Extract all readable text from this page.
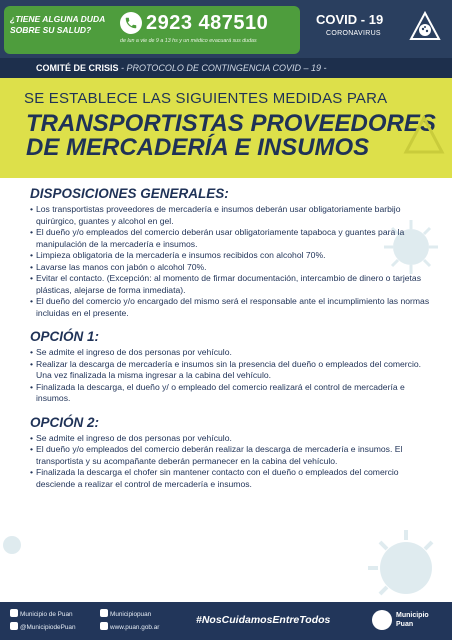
¿TIENE ALGUNA DUDA SOBRE SU SALUD?	2923 487510
de lun a vie de 9 a 13 hs y un médico evacuará sus dudas
COVID - 19
CORONAVIRUS
COMITÉ DE CRISIS - PROTOCOLO DE CONTINGENCIA COVID – 19 -
SE ESTABLECE LAS SIGUIENTES MEDIDAS PARA
TRANSPORTISTAS PROVEEDORES
DE MERCADERÍA E INSUMOS
DISPOSICIONES GENERALES:
• Los transportistas proveedores de mercadería e insumos deberán usar obligatoriamente barbijo quirúrgico, guantes y alcohol en gel.
• El dueño y/o empleados del comercio deberán usar obligatoriamente tapaboca y guantes para la manipulación de la mercadería e insumos.
• Limpieza obligatoria de la mercadería e insumos recibidos con alcohol 70%.
• Lavarse las manos con jabón o alcohol 70%.
• Evitar el contacto. (Excepción: al momento de firmar documentación, intercambio de dinero o tarjetas plásticas, alejarse de forma inmediata).
• El dueño del comercio y/o encargado del mismo será el responsable ante el incumplimiento las normas incluidas en el presente.
OPCIÓN 1:
• Se admite el ingreso de dos personas por vehículo.
• Realizar la descarga de mercadería e insumos sin la presencia del dueño o empleados del comercio. Una vez finalizada la misma ingresar a la cabina del vehículo.
• Finalizada la descarga, el dueño y/ o empleado del comercio realizará el control de mercadería e insumos.
OPCIÓN 2:
• Se admite el ingreso de dos personas por vehículo.
• El dueño y/o empleados del comercio deberán realizar la descarga de mercadería e insumos. El transportista y su acompañante deberán permanecer en la cabina del vehículo.
• Finalizada la descarga el chofer sin mantener contacto con el dueño o empleados del comercio desciende a realizar el control de mercadería e insumos.
Municipio de Puan
@MunicipiodePuan
Municipiopuan
www.puan.gob.ar
#NosCuidamosEntreTodos	Municipio
Puan
